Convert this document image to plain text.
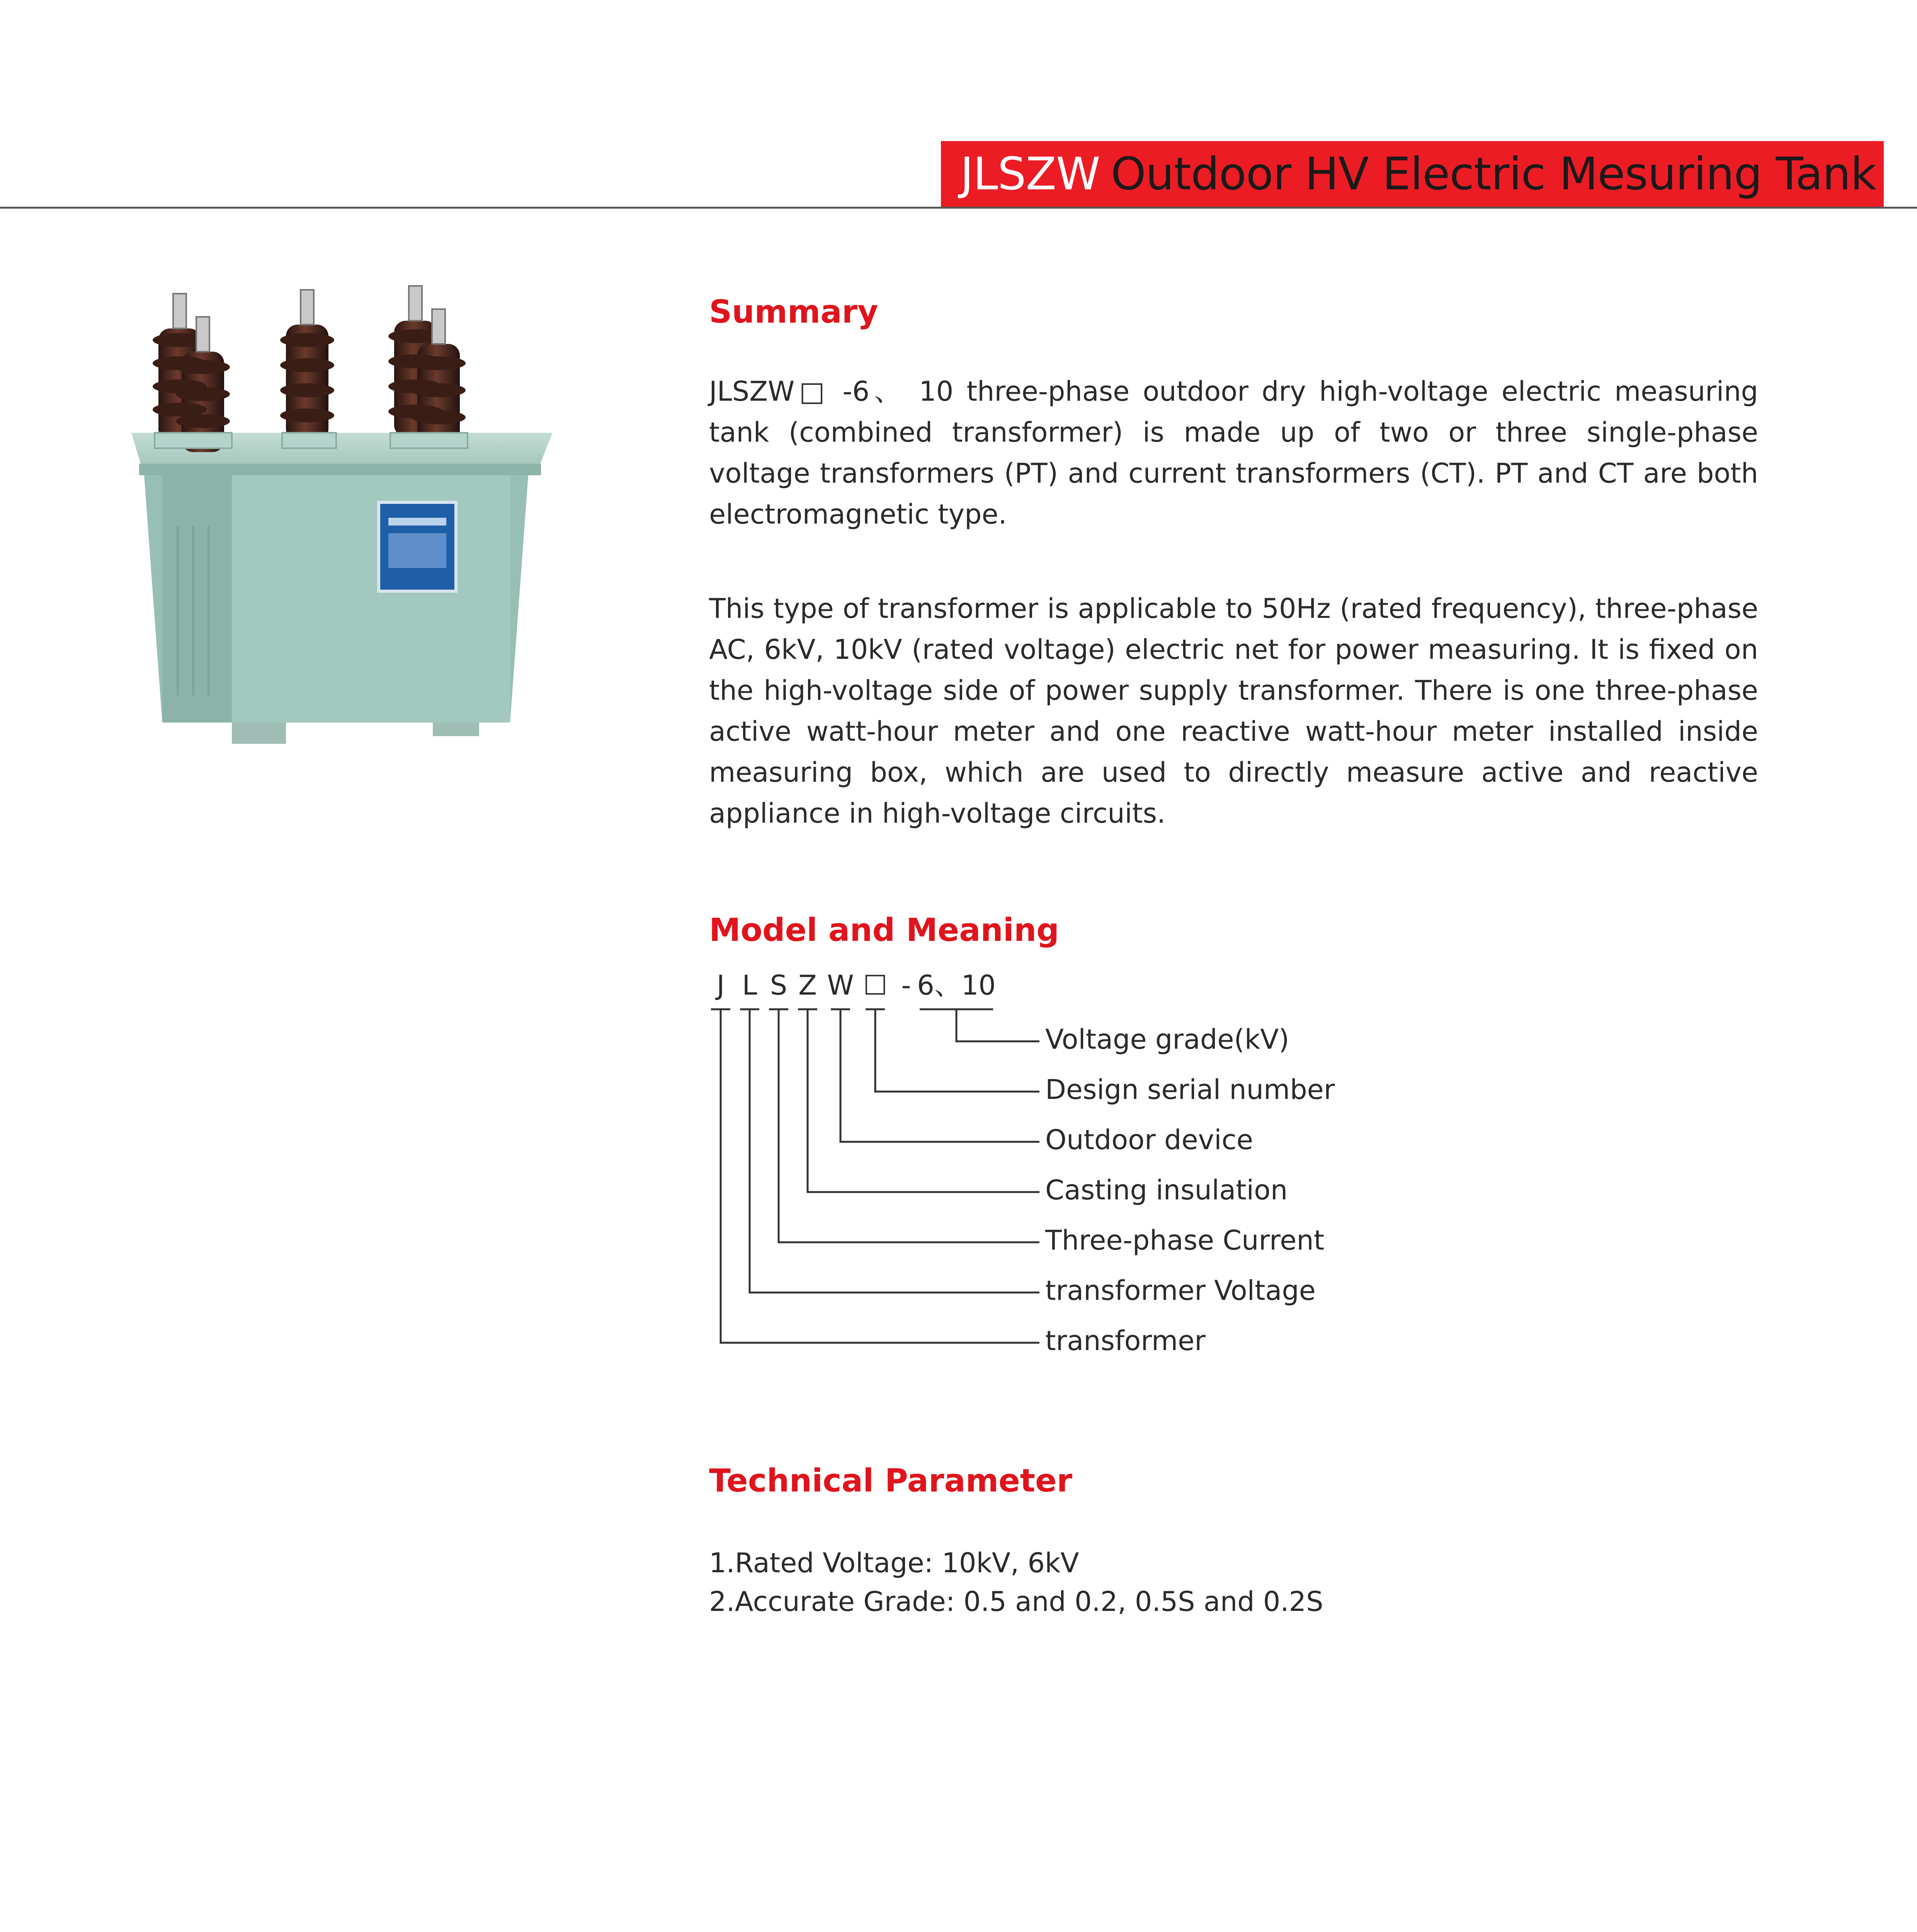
JLSZW Outdoor HV Electric Mesuring Tank
Summary

JLSZW□ -6、 10 three-phase outdoor dry high-voltage electric measuring tank (combined transformer) is made up of two or three single-phase voltage transformers (PT) and current transformers (CT). PT and CT are both electromagnetic type.

This type of transformer is applicable to 50Hz (rated frequency), three-phase AC, 6kV, 10kV (rated voltage) electric net for power measuring. It is fixed on the high-voltage side of power supply transformer. There is one three-phase active watt-hour meter and one reactive watt-hour meter installed inside measuring box, which are used to directly measure active and reactive appliance in high-voltage circuits.

Model and Meaning
J L S Z W ☐ - 6、10
Voltage grade(kV)
Design serial number
Outdoor device
Casting insulation
Three-phase Current
transformer Voltage
transformer
Technical Parameter
1.Rated Voltage: 10kV, 6kV
2.Accurate Grade: 0.5 and 0.2, 0.5S and 0.2S
